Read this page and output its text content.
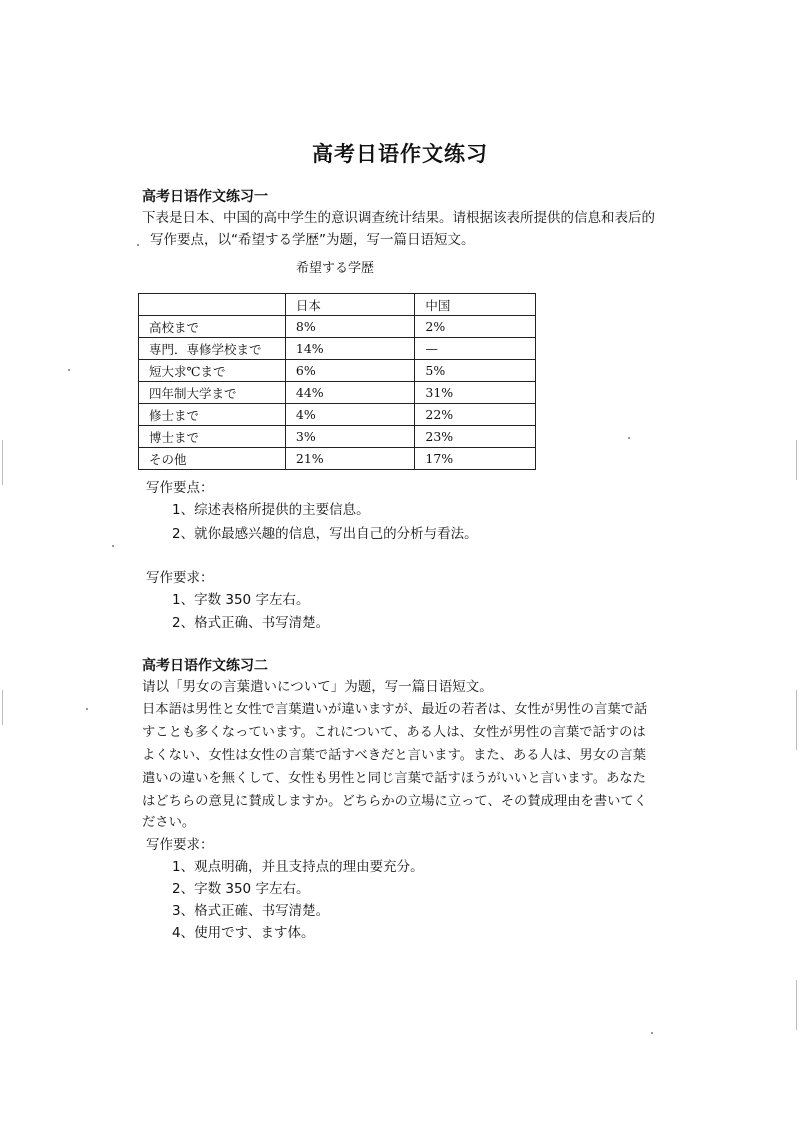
高考日语作文练习
高考日语作文练习一
下表是日本、中国的高中学生的意识调查统计结果。请根据该表所提供的信息和表后的
写作要点，以“希望する学歴”为题，写一篇日语短文。
希望する学歴
	日本	中国
高校まで	8%	2%
専門．専修学校まで	14%	—
短大求℃まで	6%	5%
四年制大学まで	44%	31%
修士まで	4%	22%
博士まで	3%	23%
その他	21%	17%
写作要点：
1、综述表格所提供的主要信息。
2、就你最感兴趣的信息，写出自己的分析与看法。
写作要求：
1、字数 350 字左右。
2、格式正确、书写清楚。
高考日语作文练习二
请以「男女の言葉遣いについて」为题，写一篇日语短文。
日本語は男性と女性で言葉遣いが違いますが、最近の若者は、女性が男性の言葉で話
すことも多くなっています。これについて、ある人は、女性が男性の言葉で話すのは
よくない、女性は女性の言葉で話すべきだと言います。また、ある人は、男女の言葉
遣いの違いを無くして、女性も男性と同じ言葉で話すほうがいいと言います。あなた
はどちらの意見に賛成しますか。どちらかの立場に立って、その賛成理由を書いてく
ださい。
写作要求：
1、观点明确，并且支持点的理由要充分。
2、字数 350 字左右。
3、格式正確、书写清楚。
4、使用です、ます体。
